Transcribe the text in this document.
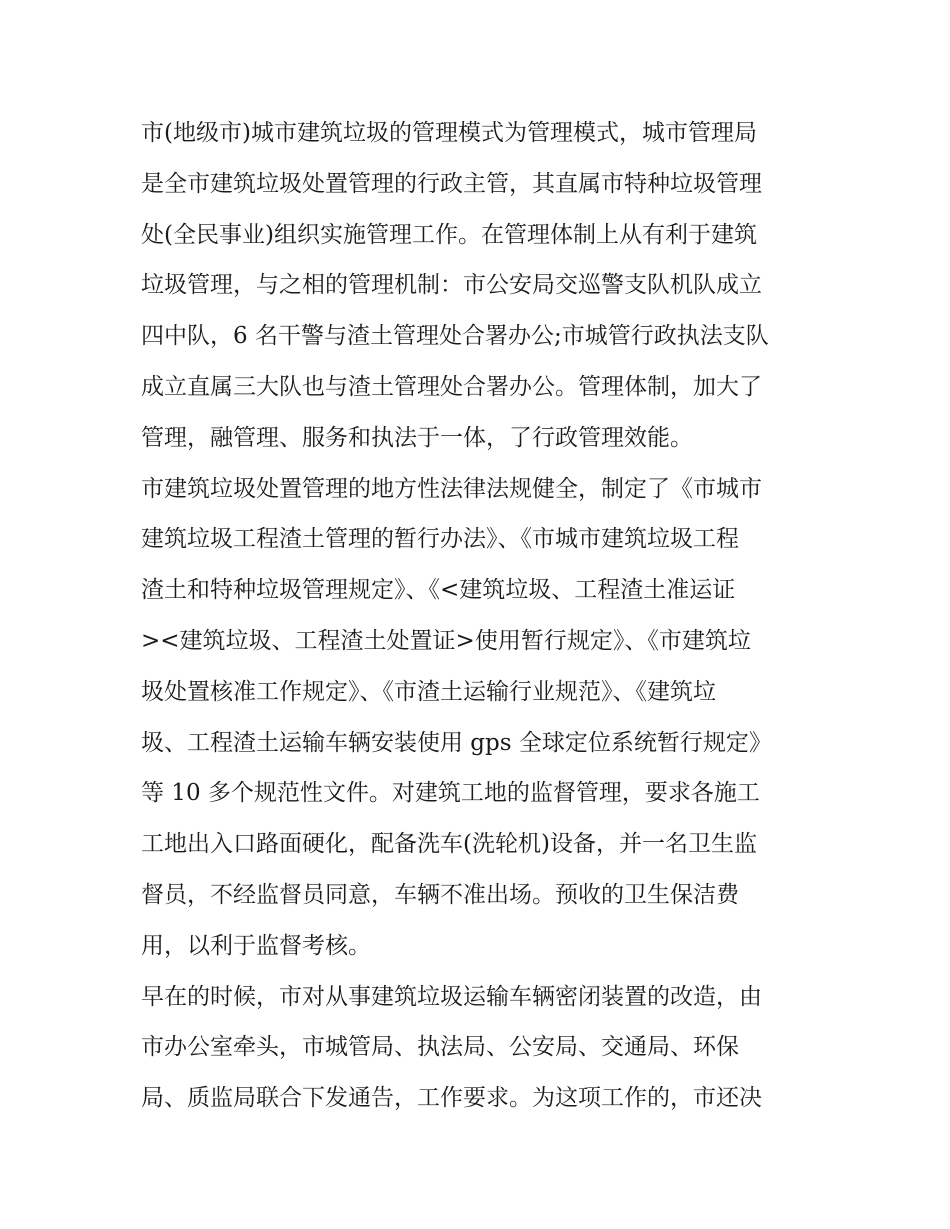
市(地级市)城市建筑垃圾的管理模式为管理模式，城市管理局
是全市建筑垃圾处置管理的行政主管，其直属市特种垃圾管理
处(全民事业)组织实施管理工作。在管理体制上从有利于建筑
垃圾管理，与之相的管理机制：市公安局交巡警支队机队成立
四中队，6 名干警与渣土管理处合署办公;市城管行政执法支队
成立直属三大队也与渣土管理处合署办公。管理体制，加大了
管理，融管理、服务和执法于一体，了行政管理效能。
市建筑垃圾处置管理的地方性法律法规健全，制定了《市城市
建筑垃圾工程渣土管理的暂行办法》、《市城市建筑垃圾工程
渣土和特种垃圾管理规定》、《<建筑垃圾、工程渣土准运证
><建筑垃圾、工程渣土处置证>使用暂行规定》、《市建筑垃
圾处置核准工作规定》、《市渣土运输行业规范》、《建筑垃
圾、工程渣土运输车辆安装使用 gps 全球定位系统暂行规定》
等 10 多个规范性文件。对建筑工地的监督管理，要求各施工
工地出入口路面硬化，配备洗车(洗轮机)设备，并一名卫生监
督员，不经监督员同意，车辆不准出场。预收的卫生保洁费
用，以利于监督考核。
早在的时候，市对从事建筑垃圾运输车辆密闭装置的改造，由
市办公室牵头，市城管局、执法局、公安局、交通局、环保
局、质监局联合下发通告，工作要求。为这项工作的，市还决
